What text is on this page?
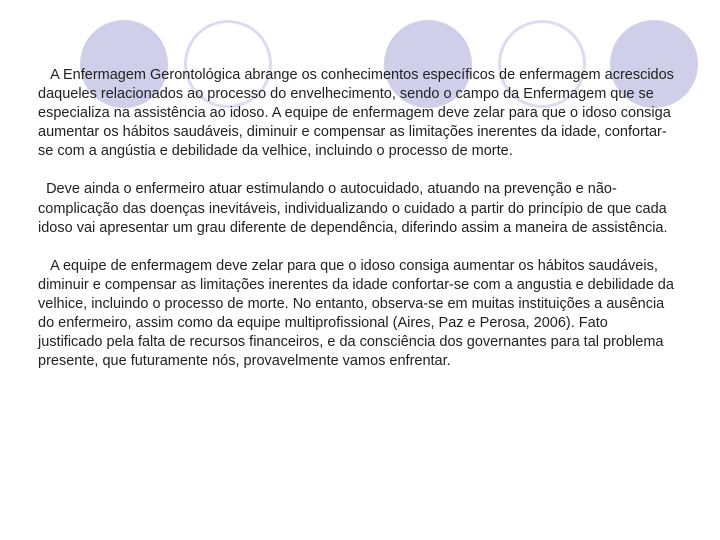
A Enfermagem Gerontológica abrange os conhecimentos específicos de enfermagem acrescidos daqueles relacionados ao processo do envelhecimento, sendo o campo da Enfermagem que se especializa na assistência ao idoso. A equipe de enfermagem deve zelar para que o idoso consiga aumentar os hábitos saudáveis, diminuir e compensar as limitações inerentes da idade, confortar-se com a angústia e debilidade da velhice, incluindo o processo de morte.

Deve ainda o enfermeiro atuar estimulando o autocuidado, atuando na prevenção e não-complicação das doenças inevitáveis, individualizando o cuidado a partir do princípio de que cada idoso vai apresentar um grau diferente de dependência, diferindo assim a maneira de assistência.

A equipe de enfermagem deve zelar para que o idoso consiga aumentar os hábitos saudáveis, diminuir e compensar as limitações inerentes da idade confortar-se com a angustia e debilidade da velhice, incluindo o processo de morte. No entanto, observa-se em muitas instituições a ausência do enfermeiro, assim como da equipe multiprofissional (Aires, Paz e Perosa, 2006). Fato justificado pela falta de recursos financeiros, e da consciência dos governantes para tal problema presente, que futuramente nós, provavelmente vamos enfrentar.
